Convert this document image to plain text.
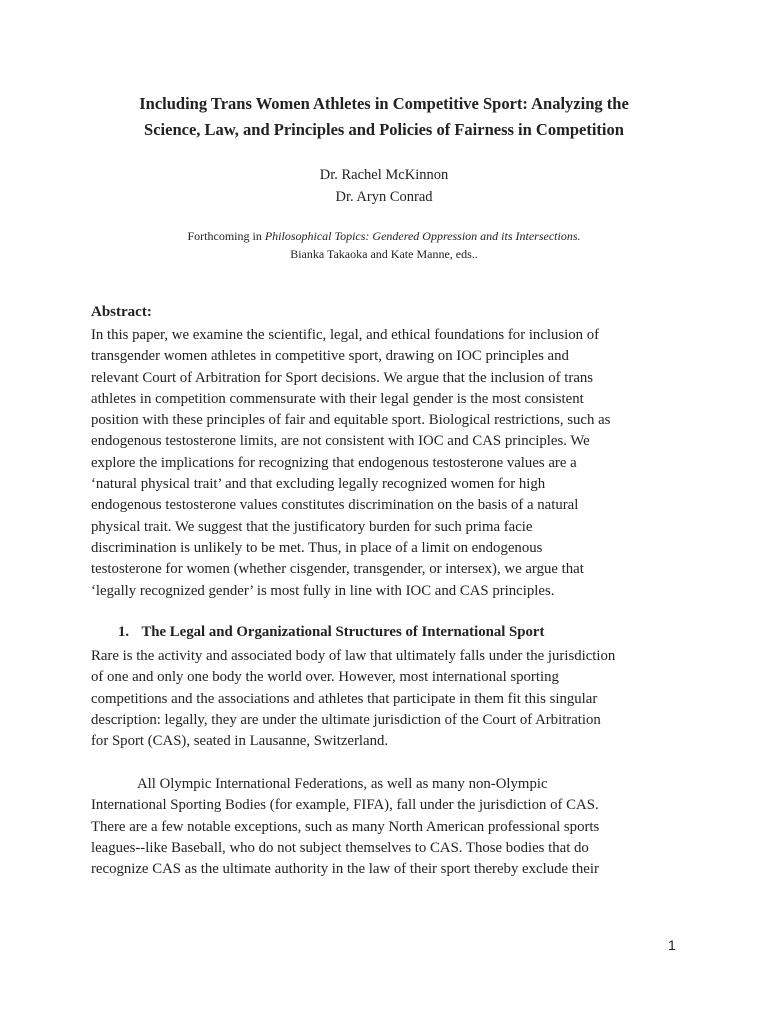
Including Trans Women Athletes in Competitive Sport: Analyzing the
Science, Law, and Principles and Policies of Fairness in Competition
Dr. Rachel McKinnon
Dr. Aryn Conrad
Forthcoming in Philosophical Topics: Gendered Oppression and its Intersections.
Bianka Takaoka and Kate Manne, eds..
Abstract:
In this paper, we examine the scientific, legal, and ethical foundations for inclusion of
transgender women athletes in competitive sport, drawing on IOC principles and
relevant Court of Arbitration for Sport decisions. We argue that the inclusion of trans
athletes in competition commensurate with their legal gender is the most consistent
position with these principles of fair and equitable sport. Biological restrictions, such as
endogenous testosterone limits, are not consistent with IOC and CAS principles. We
explore the implications for recognizing that endogenous testosterone values are a
‘natural physical trait’ and that excluding legally recognized women for high
endogenous testosterone values constitutes discrimination on the basis of a natural
physical trait. We suggest that the justificatory burden for such prima facie
discrimination is unlikely to be met. Thus, in place of a limit on endogenous
testosterone for women (whether cisgender, transgender, or intersex), we argue that
‘legally recognized gender’ is most fully in line with IOC and CAS principles.
1. The Legal and Organizational Structures of International Sport
Rare is the activity and associated body of law that ultimately falls under the jurisdiction
of one and only one body the world over. However, most international sporting
competitions and the associations and athletes that participate in them fit this singular
description: legally, they are under the ultimate jurisdiction of the Court of Arbitration
for Sport (CAS), seated in Lausanne, Switzerland.
All Olympic International Federations, as well as many non-Olympic
International Sporting Bodies (for example, FIFA), fall under the jurisdiction of CAS.
There are a few notable exceptions, such as many North American professional sports
leagues--like Baseball, who do not subject themselves to CAS. Those bodies that do
recognize CAS as the ultimate authority in the law of their sport thereby exclude their
1
